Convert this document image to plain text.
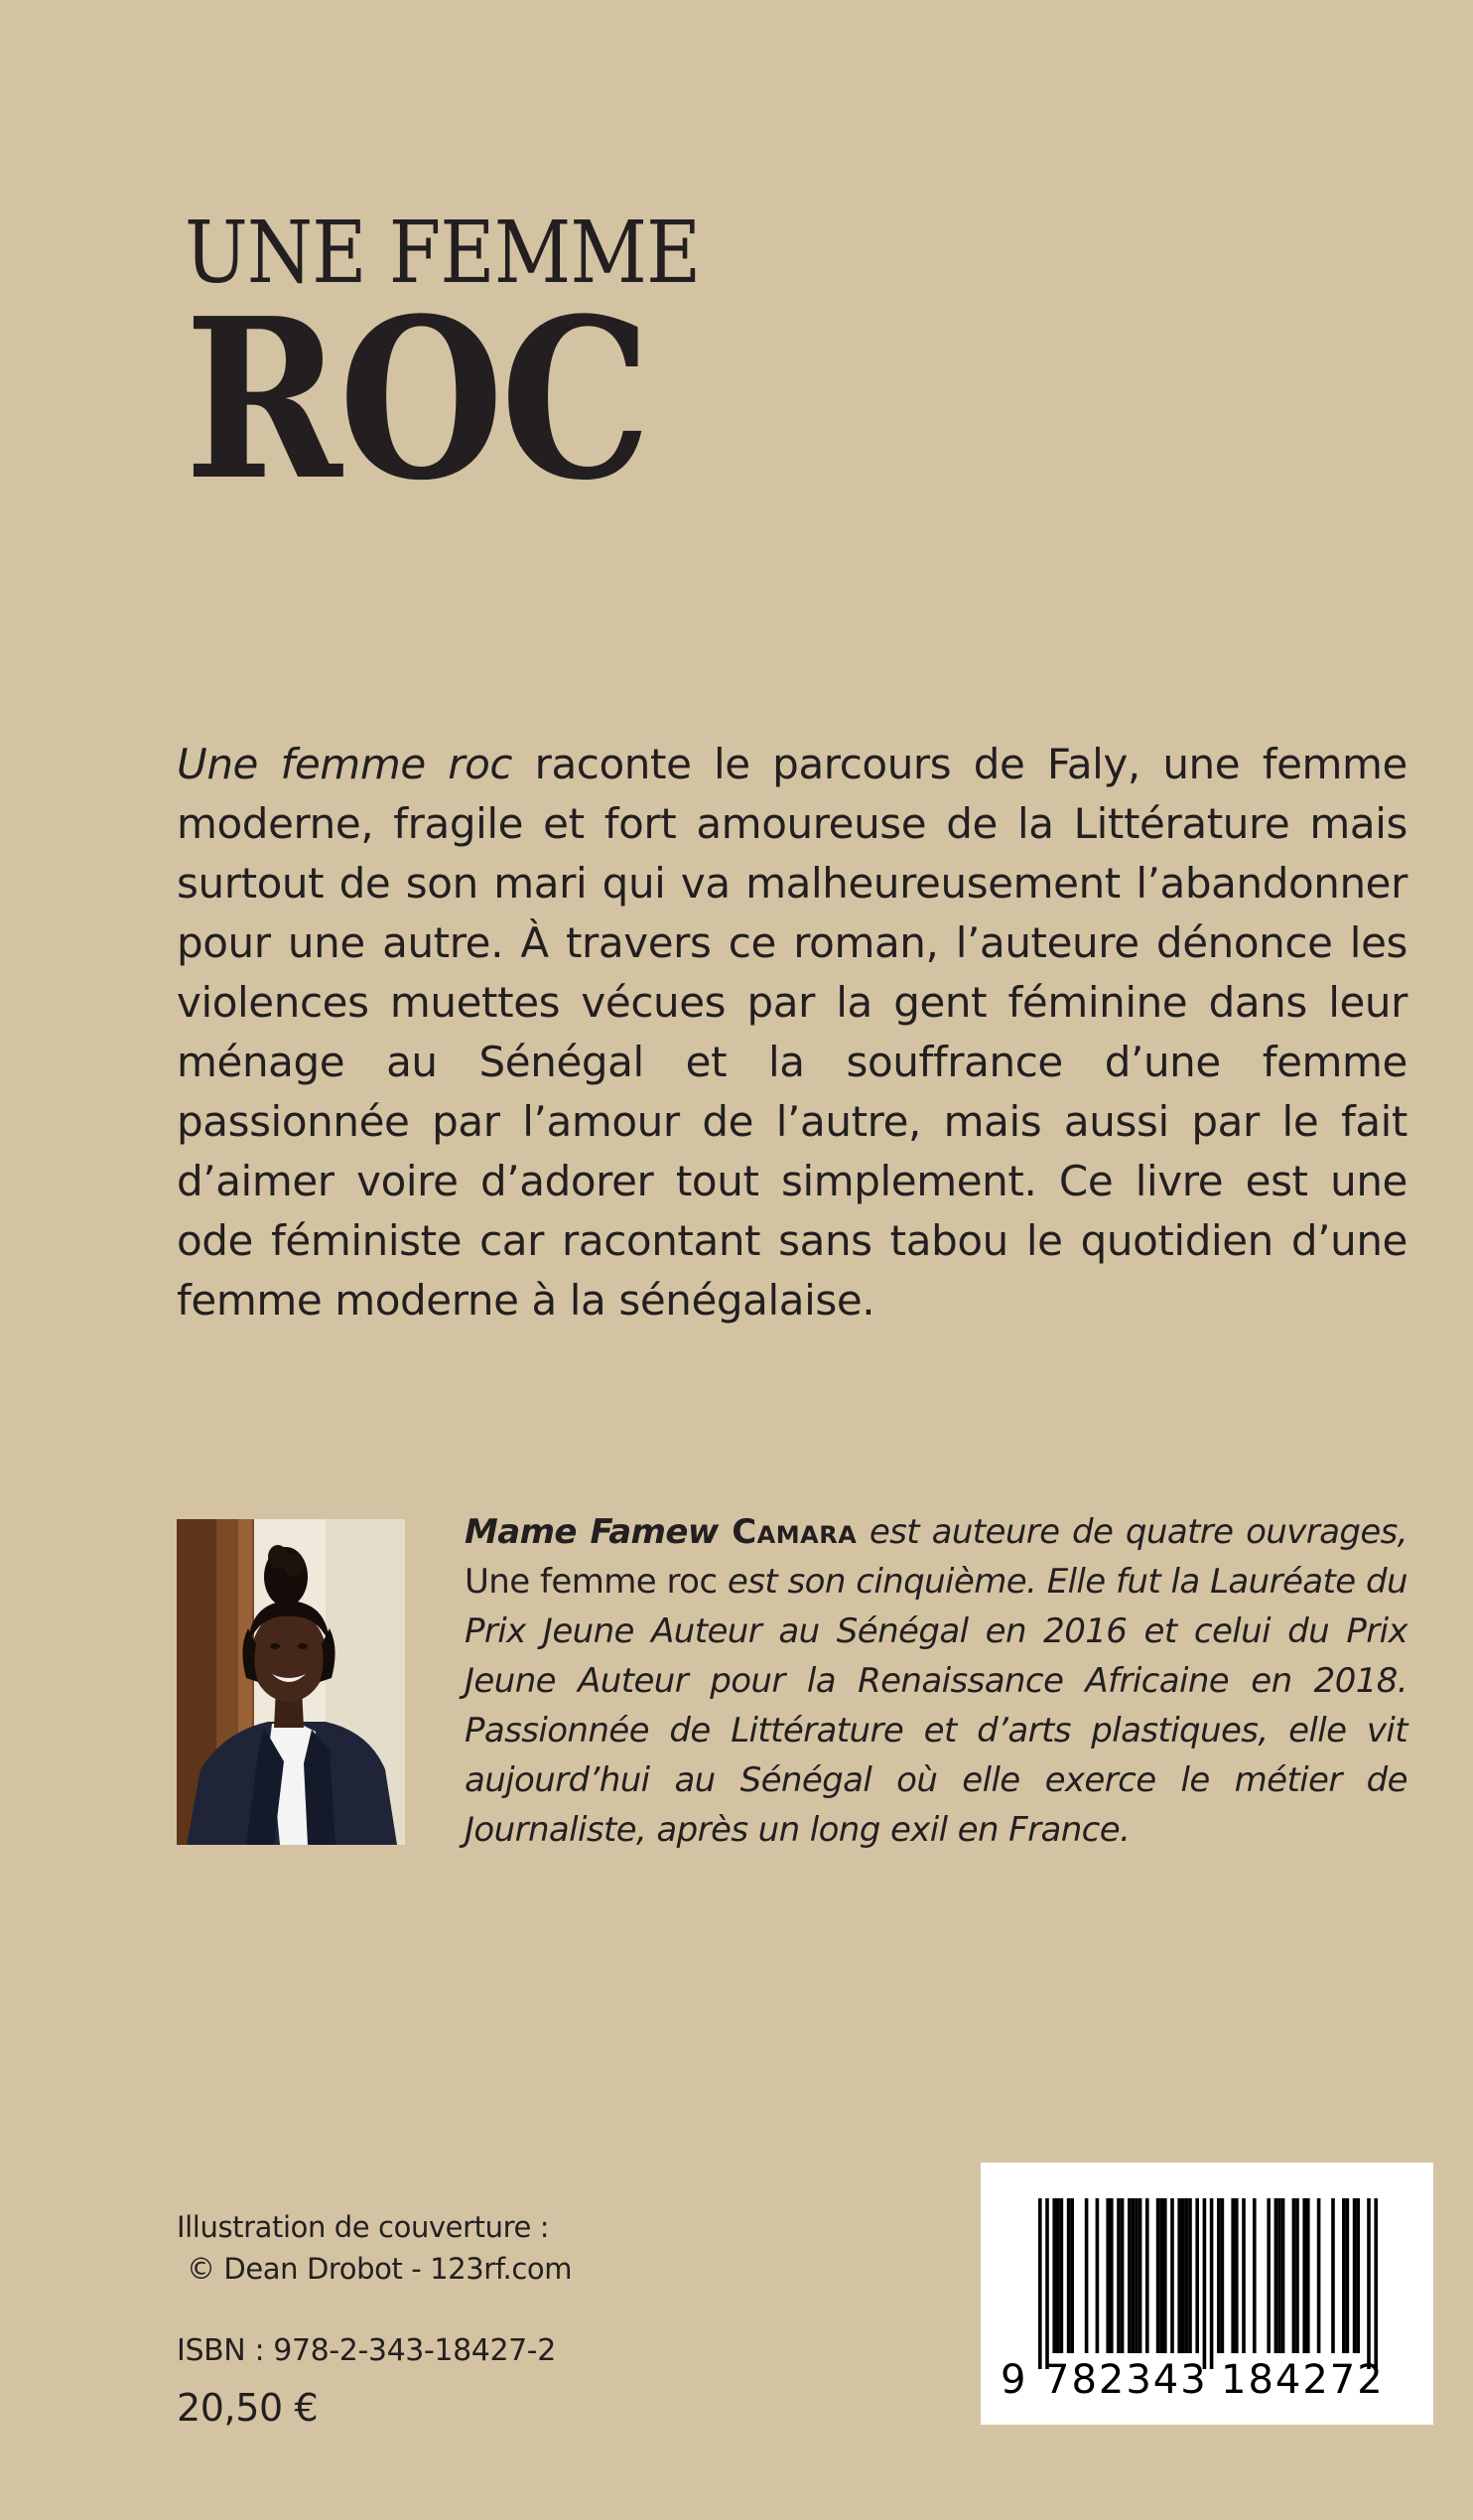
UNE FEMME
ROC
Une femme roc raconte le parcours de Faly, une femme moderne, fragile et fort amoureuse de la Littérature mais surtout de son mari qui va malheureusement l’abandonner pour une autre. À travers ce roman, l’auteure dénonce les violences muettes vécues par la gent féminine dans leur ménage au Sénégal et la souffrance d’une femme passionnée par l’amour de l’autre, mais aussi par le fait d’aimer voire d’adorer tout simplement. Ce livre est une ode féministe car racontant sans tabou le quotidien d’une femme moderne à la sénégalaise.
Mame Famew Camara est auteure de quatre ouvrages, Une femme roc est son cinquième. Elle fut la Lauréate du Prix Jeune Auteur au Sénégal en 2016 et celui du Prix Jeune Auteur pour la Renaissance Africaine en 2018. Passionnée de Littérature et d’arts plastiques, elle vit aujourd’hui au Sénégal où elle exerce le métier de Journaliste, après un long exil en France.
Illustration de couverture :
© Dean Drobot - 123rf.com
ISBN : 978-2-343-18427-2
20,50 €
9 782343 184272
